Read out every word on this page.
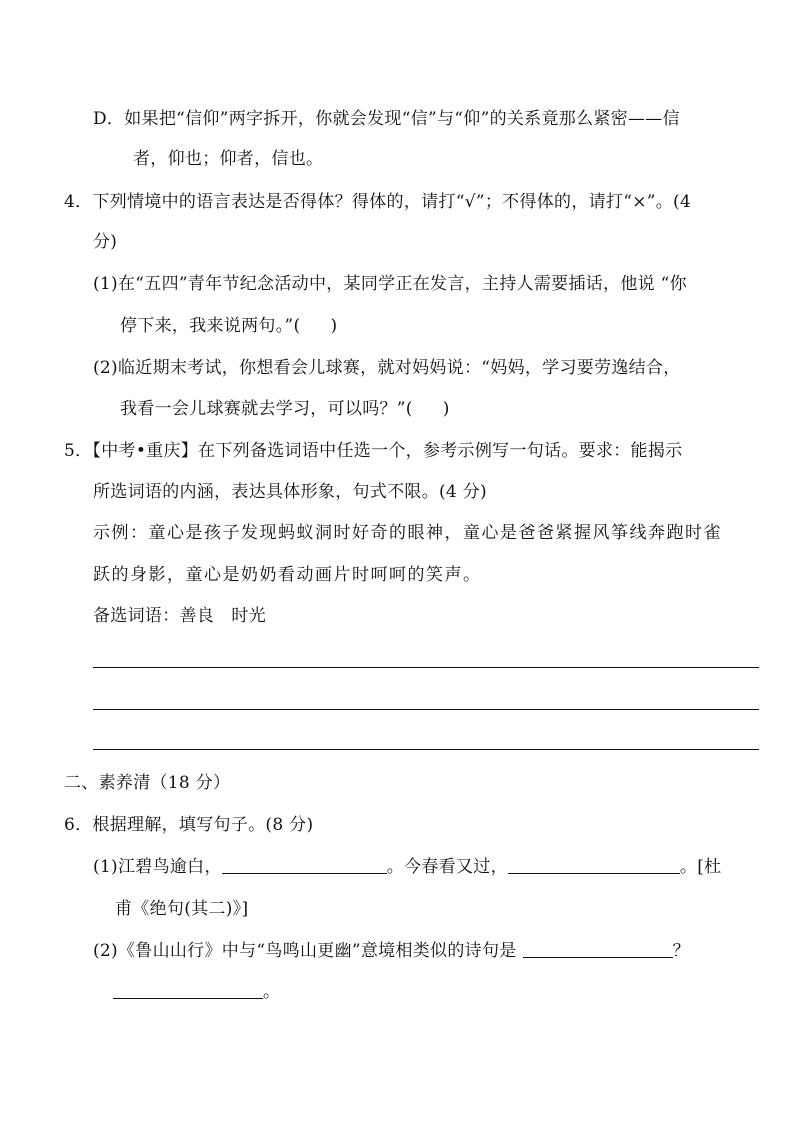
D．如果把“信仰”两字拆开，你就会发现“信”与“仰”的关系竟那么紧密——信
者，仰也；仰者，信也。
4．下列情境中的语言表达是否得体？得体的，请打“√”；不得体的，请打“×”。(4
分)
(1)在“五四”青年节纪念活动中，某同学正在发言，主持人需要插话，他说 “你
停下来，我来说两句。”( )
(2)临近期末考试，你想看会儿球赛，就对妈妈说：“妈妈，学习要劳逸结合，
我看一会儿球赛就去学习，可以吗？”( )
5．【中考•重庆】在下列备选词语中任选一个，参考示例写一句话。要求：能揭示
所选词语的内涵，表达具体形象，句式不限。(4 分)
示例：童心是孩子发现蚂蚁洞时好奇的眼神，童心是爸爸紧握风筝线奔跑时雀
跃的身影，童心是奶奶看动画片时呵呵的笑声。
备选词语：善良　时光
二、素养清（18 分）
6．根据理解，填写句子。(8 分)
(1)江碧鸟逾白，	。今春看又过，	。[杜
甫《绝句(其二)》]
(2)《鲁山山行》中与“鸟鸣山更幽”意境相类似的诗句是	？
。
